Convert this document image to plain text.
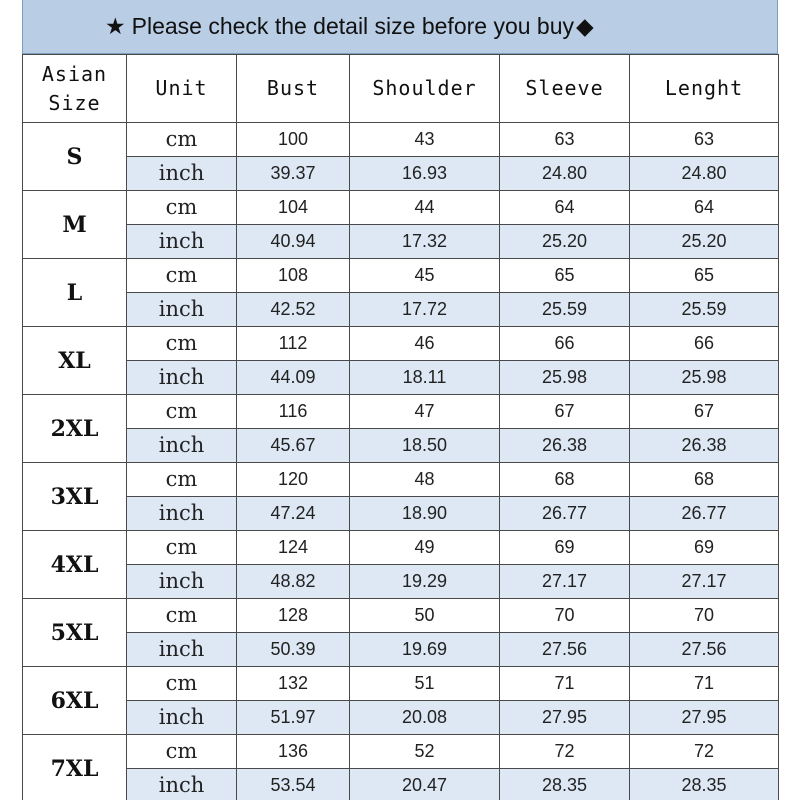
★ Please check the detail size before you buy ◆
Asian
Size	Unit	Bust	Shoulder	Sleeve	Lenght
S	cm	100	43	63	63
	inch	39.37	16.93	24.80	24.80
M	cm	104	44	64	64
	inch	40.94	17.32	25.20	25.20
L	cm	108	45	65	65
	inch	42.52	17.72	25.59	25.59
XL	cm	112	46	66	66
	inch	44.09	18.11	25.98	25.98
2XL	cm	116	47	67	67
	inch	45.67	18.50	26.38	26.38
3XL	cm	120	48	68	68
	inch	47.24	18.90	26.77	26.77
4XL	cm	124	49	69	69
	inch	48.82	19.29	27.17	27.17
5XL	cm	128	50	70	70
	inch	50.39	19.69	27.56	27.56
6XL	cm	132	51	71	71
	inch	51.97	20.08	27.95	27.95
7XL	cm	136	52	72	72
	inch	53.54	20.47	28.35	28.35
